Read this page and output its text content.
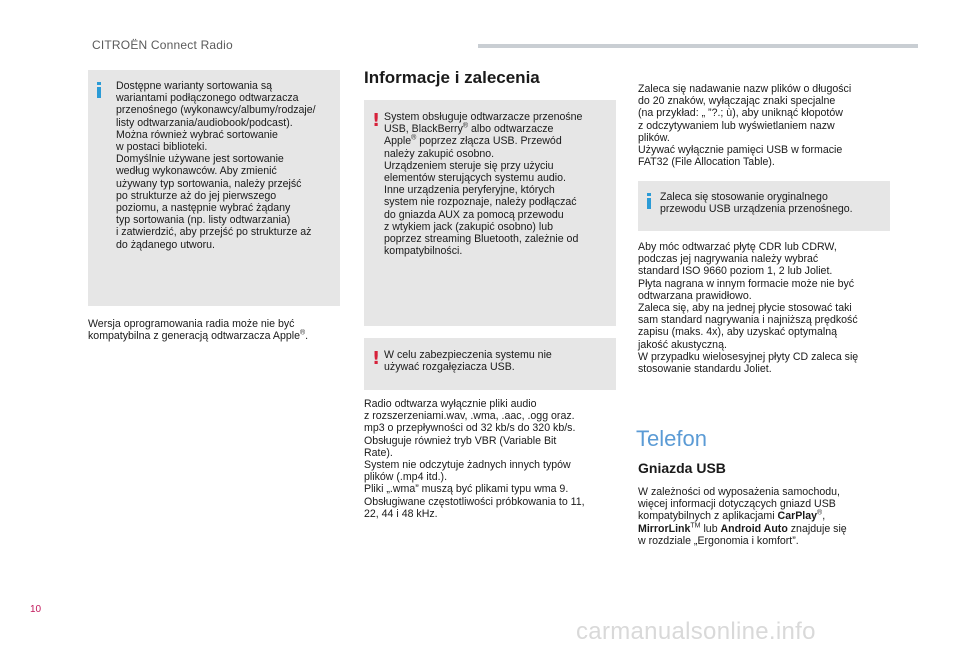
CITROËN Connect Radio
Dostępne warianty sortowania są
wariantami podłączonego odtwarzacza
przenośnego (wykonawcy/albumy/rodzaje/
listy odtwarzania/audiobook/podcast).
Można również wybrać sortowanie
w postaci biblioteki.
Domyślnie używane jest sortowanie
według wykonawców. Aby zmienić
używany typ sortowania, należy przejść
po strukturze aż do jej pierwszego
poziomu, a następnie wybrać żądany
typ sortowania (np. listy odtwarzania)
i zatwierdzić, aby przejść po strukturze aż
do żądanego utworu.
Wersja oprogramowania radia może nie być
kompatybilna z generacją odtwarzacza Apple®.
Informacje i zalecenia
! System obsługuje odtwarzacze przenośne
USB, BlackBerry® albo odtwarzacze
Apple® poprzez złącza USB. Przewód
należy zakupić osobno.
Urządzeniem steruje się przy użyciu
elementów sterujących systemu audio.
Inne urządzenia peryferyjne, których
system nie rozpoznaje, należy podłączać
do gniazda AUX za pomocą przewodu
z wtykiem jack (zakupić osobno) lub
poprzez streaming Bluetooth, zależnie od
kompatybilności.
! W celu zabezpieczenia systemu nie
używać rozgałęziacza USB.
Radio odtwarza wyłącznie pliki audio
z rozszerzeniami.wav, .wma, .aac, .ogg oraz.
mp3 o przepływności od 32 kb/s do 320 kb/s.
Obsługuje również tryb VBR (Variable Bit
Rate).
System nie odczytuje żadnych innych typów
plików (.mp4 itd.).
Pliki „.wma” muszą być plikami typu wma 9.
Obsługiwane częstotliwości próbkowania to 11,
22, 44 i 48 kHz.
Zaleca się nadawanie nazw plików o długości
do 20 znaków, wyłączając znaki specjalne
(na przykład: „ ”?.; ù), aby uniknąć kłopotów
z odczytywaniem lub wyświetlaniem nazw
plików.
Używać wyłącznie pamięci USB w formacie
FAT32 (File Allocation Table).
Zaleca się stosowanie oryginalnego
przewodu USB urządzenia przenośnego.
Aby móc odtwarzać płytę CDR lub CDRW,
podczas jej nagrywania należy wybrać
standard ISO 9660 poziom 1, 2 lub Joliet.
Płyta nagrana w innym formacie może nie być
odtwarzana prawidłowo.
Zaleca się, aby na jednej płycie stosować taki
sam standard nagrywania i najniższą prędkość
zapisu (maks. 4x), aby uzyskać optymalną
jakość akustyczną.
W przypadku wielosesyjnej płyty CD zaleca się
stosowanie standardu Joliet.
Telefon
Gniazda USB
W zależności od wyposażenia samochodu,
więcej informacji dotyczących gniazd USB
kompatybilnych z aplikacjami CarPlay®,
MirrorLink™ lub Android Auto znajduje się
w rozdziale „Ergonomia i komfort”.
10
carmanualsonline.info
